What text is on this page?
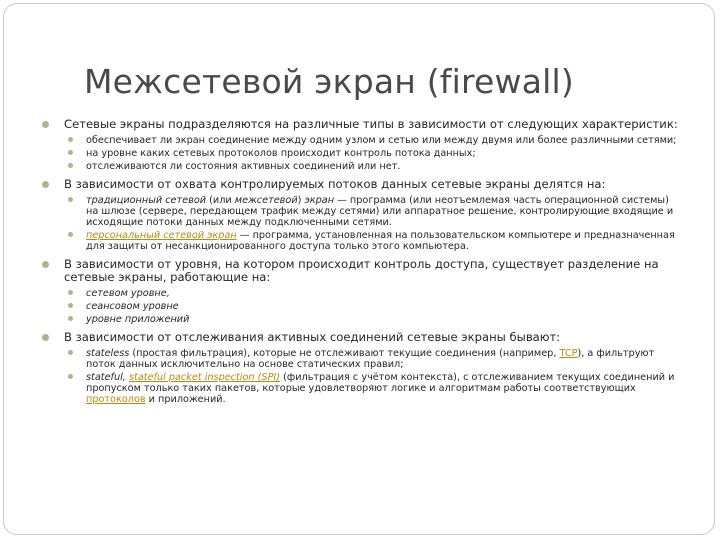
Межсетевой экран (firewall)
Сетевые экраны подразделяются на различные типы в зависимости от следующих характеристик:
обеспечивает ли экран соединение между одним узлом и сетью или между двумя или более различными сетями;
на уровне каких сетевых протоколов происходит контроль потока данных;
отслеживаются ли состояния активных соединений или нет.
В зависимости от охвата контролируемых потоков данных сетевые экраны делятся на:
традиционный сетевой (или межсетевой) экран — программа (или неотъемлемая часть операционной системы) на шлюзе (сервере, передающем трафик между сетями) или аппаратное решение, контролирующие входящие и исходящие потоки данных между подключенными сетями.
персональный сетевой экран — программа, установленная на пользовательском компьютере и предназначенная для защиты от несанкционированного доступа только этого компьютера.
В зависимости от уровня, на котором происходит контроль доступа, существует разделение на сетевые экраны, работающие на:
сетевом уровне,
сеансовом уровне
уровне приложений
В зависимости от отслеживания активных соединений сетевые экраны бывают:
stateless (простая фильтрация), которые не отслеживают текущие соединения (например, TCP), а фильтруют поток данных исключительно на основе статических правил;
stateful, stateful packet inspection (SPI) (фильтрация с учётом контекста), с отслеживанием текущих соединений и пропуском только таких пакетов, которые удовлетворяют логике и алгоритмам работы соответствующих протоколов и приложений.
